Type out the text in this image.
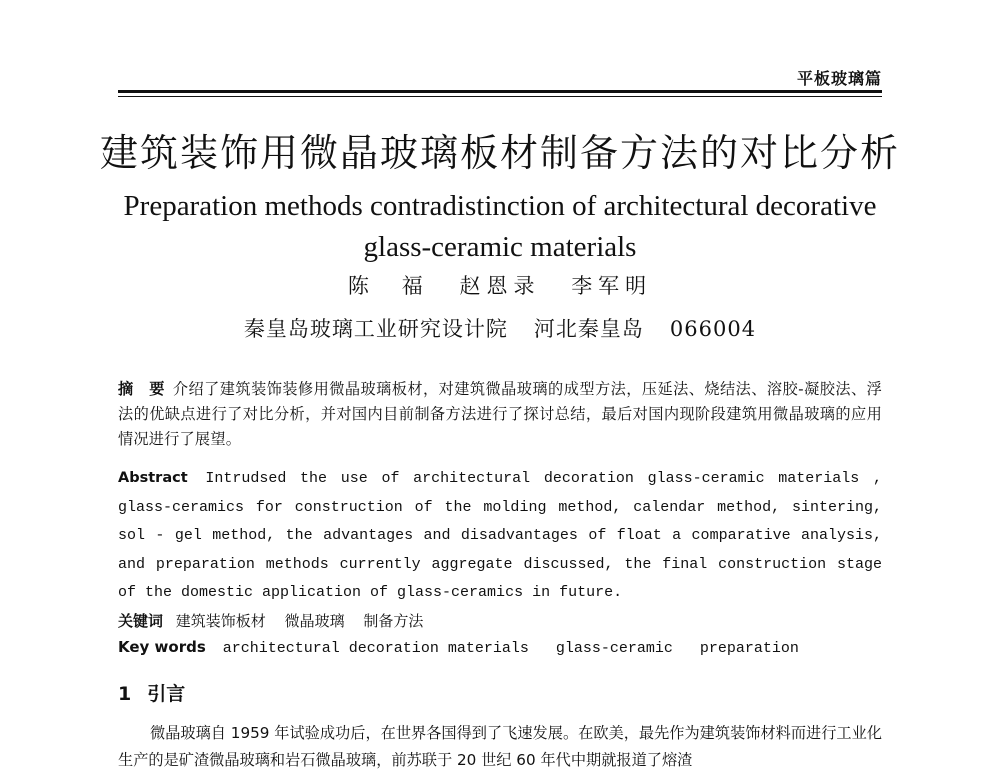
平板玻璃篇
建筑装饰用微晶玻璃板材制备方法的对比分析
Preparation methods contradistinction of architectural decorative
glass-ceramic materials
陈　福 赵恩录 李军明
秦皇岛玻璃工业研究设计院 河北秦皇岛 066004
摘　要 介绍了建筑装饰装修用微晶玻璃板材，对建筑微晶玻璃的成型方法，压延法、烧结法、溶胶-凝胶法、浮法的优缺点进行了对比分析，并对国内目前制备方法进行了探讨总结，最后对国内现阶段建筑用微晶玻璃的应用情况进行了展望。
Abstract Intrudsed the use of architectural decoration glass-ceramic materials , glass-ceramics for construction of the molding method, calendar method, sintering, sol - gel method, the advantages and disadvantages of float a comparative analysis, and preparation methods currently aggregate discussed, the final construction stage of the domestic application of glass-ceramics in future.
关键词 建筑装饰板材 微晶玻璃 制备方法
Key words architectural decoration materials glass-ceramic preparation
1 引言
微晶玻璃自 1959 年试验成功后，在世界各国得到了飞速发展。在欧美，最先作为建筑装饰材料而进行工业化生产的是矿渣微晶玻璃和岩石微晶玻璃，前苏联于 20 世纪 60 年代中期就报道了熔渣
